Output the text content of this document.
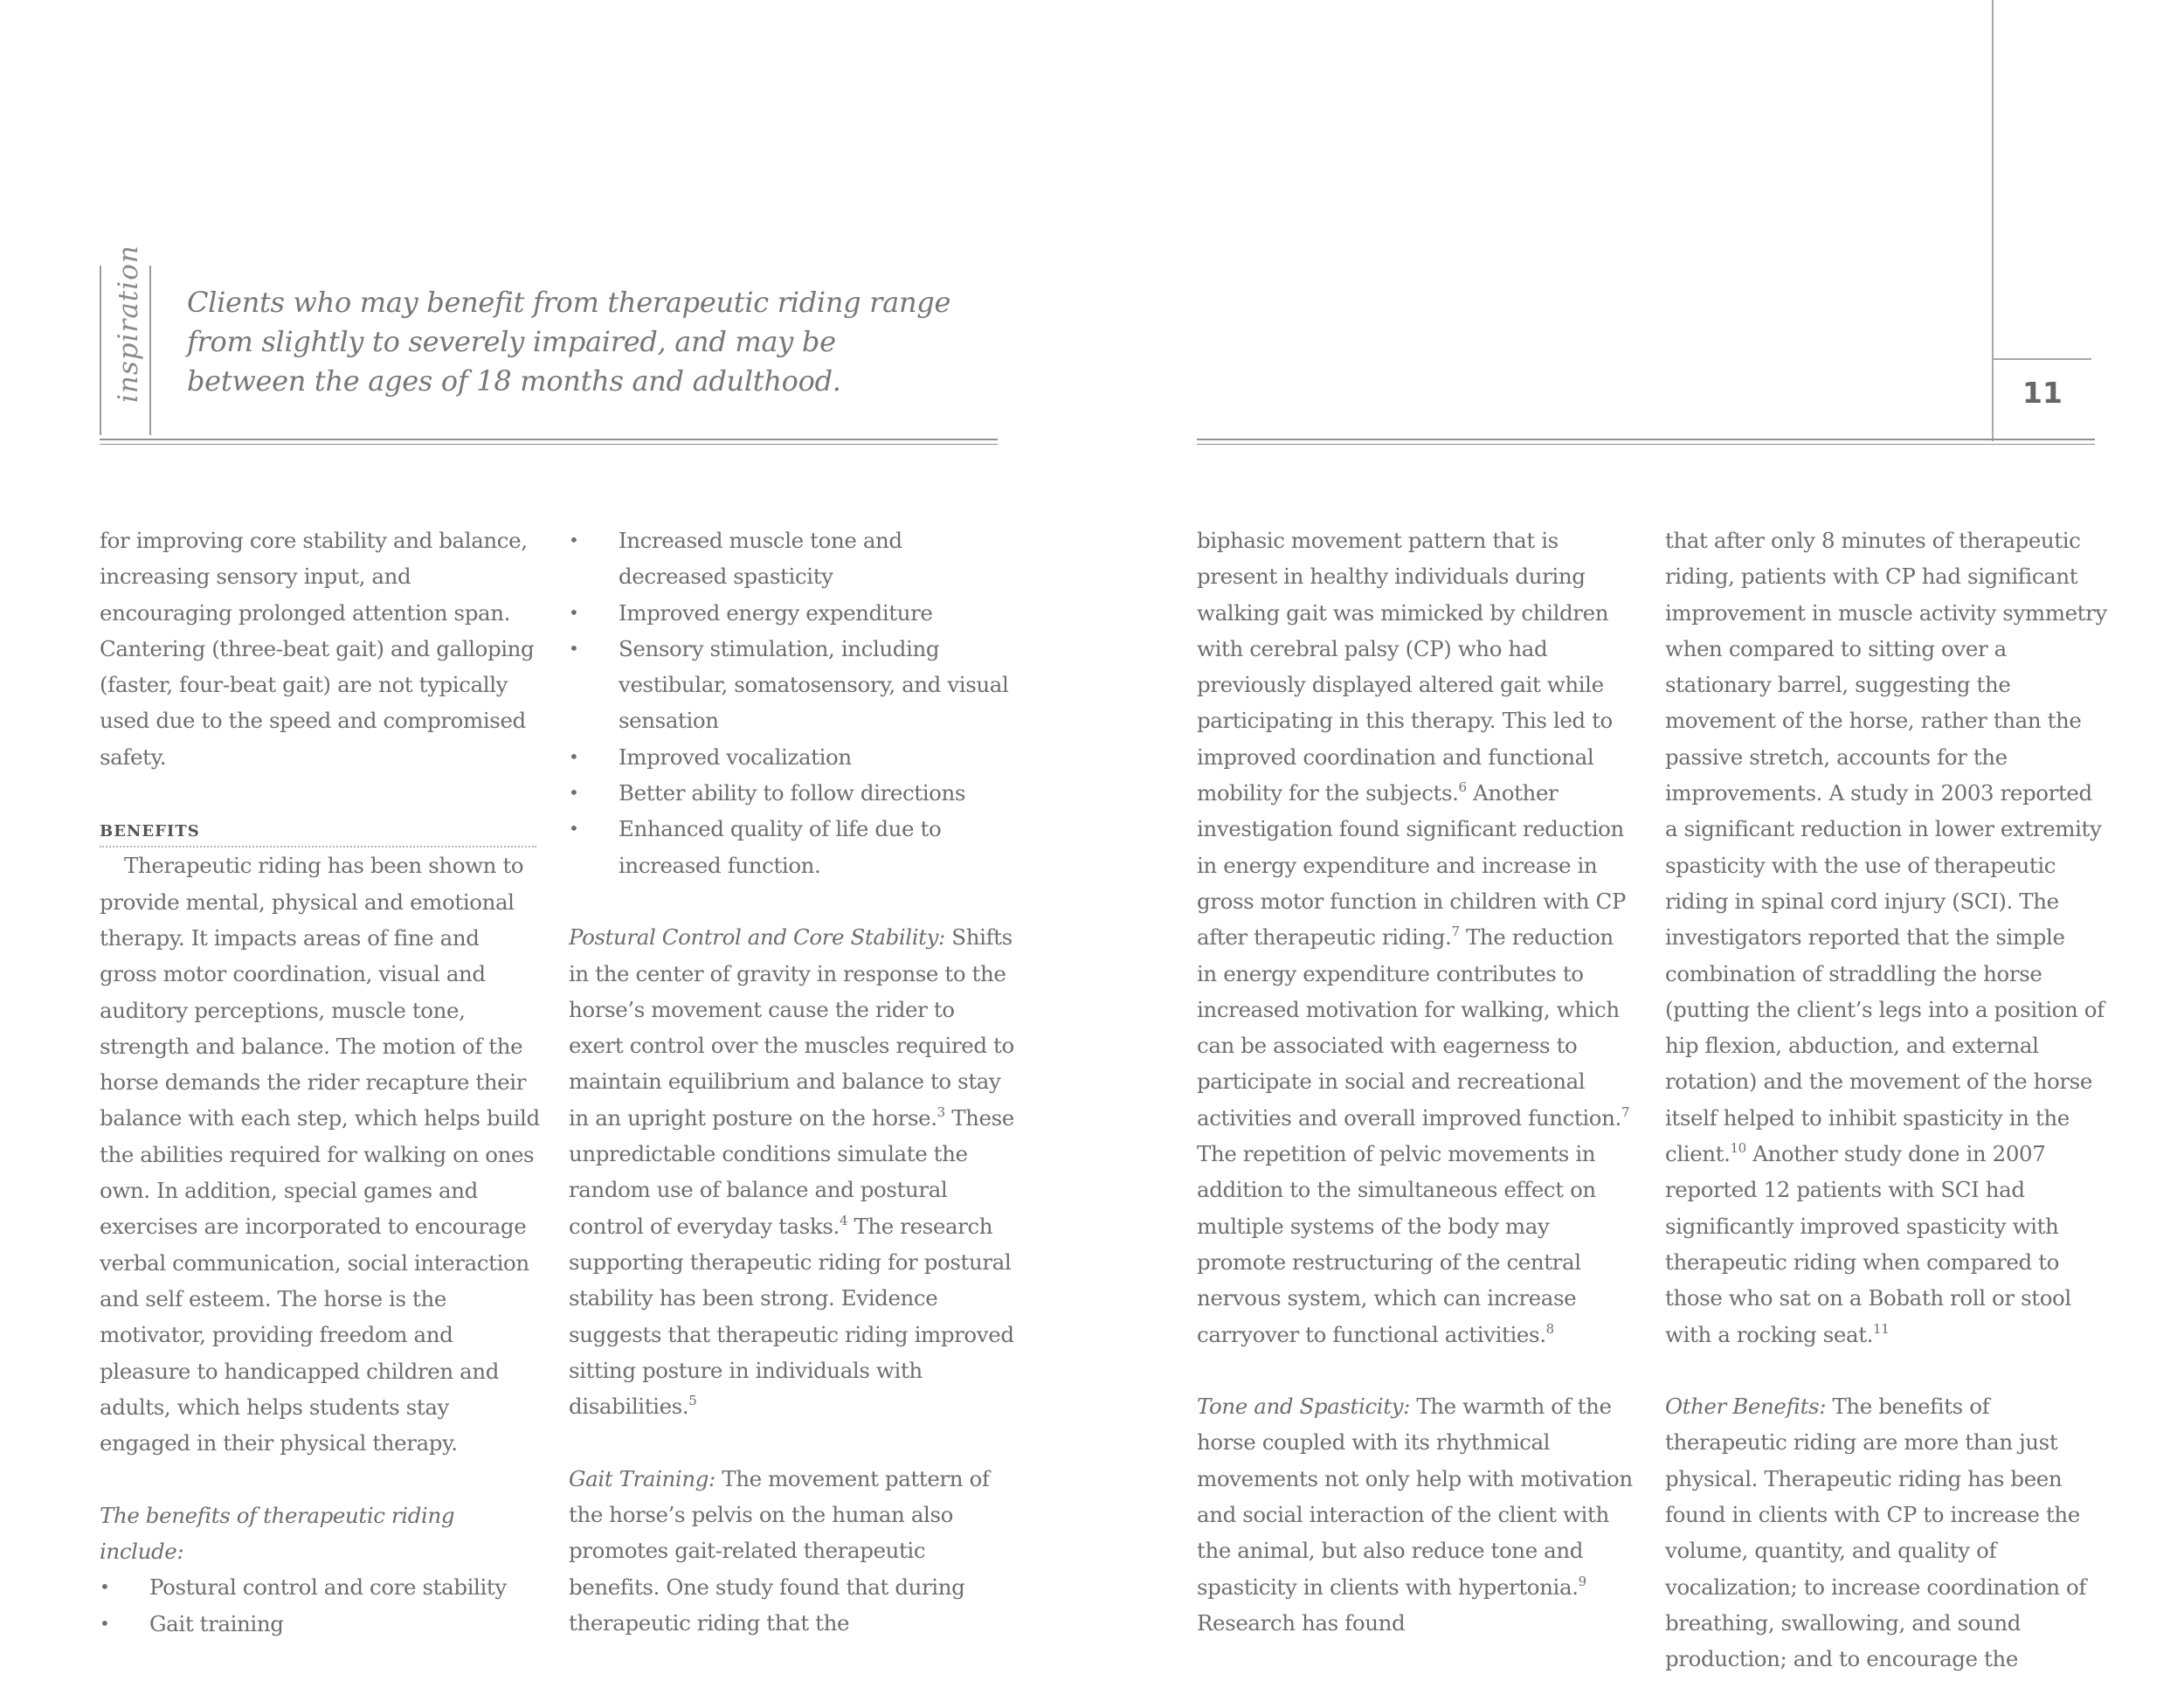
inspiration Clients who may benefit from therapeutic riding range from slightly to severely impaired, and may be between the ages of 18 months and adulthood.	11

for improving core stability and balance, increasing sensory input, and encouraging prolonged attention span. Cantering (three-beat gait) and galloping (faster, four-beat gait) are not typically used due to the speed and compromised safety.

BENEFITS

Therapeutic riding has been shown to provide mental, physical and emotional therapy. It impacts areas of fine and gross motor coordination, visual and auditory perceptions, muscle tone, strength and balance. The motion of the horse demands the rider recapture their balance with each step, which helps build the abilities required for walking on ones own. In addition, special games and exercises are incorporated to encourage verbal communication, social interaction and self esteem. The horse is the motivator, providing freedom and pleasure to handicapped children and adults, which helps students stay engaged in their physical therapy.

The benefits of therapeutic riding include:

• Postural control and core stability
• Gait training
• Increased muscle tone and decreased spasticity
• Improved energy expenditure
• Sensory stimulation, including vestibular, somatosensory, and visual sensation
• Improved vocalization
• Better ability to follow directions
• Enhanced quality of life due to increased function.

Postural Control and Core Stability: Shifts in the center of gravity in response to the horse’s movement cause the rider to exert control over the muscles required to maintain equilibrium and balance to stay in an upright posture on the horse.$^3$ These unpredictable conditions simulate the random use of balance and postural control of everyday tasks.$^4$ The research supporting therapeutic riding for postural stability has been strong. Evidence suggests that therapeutic riding improved sitting posture in individuals with disabilities.$^5$

Gait Training: The movement pattern of the horse’s pelvis on the human also promotes gait-related therapeutic benefits. One study found that during therapeutic riding that the

biphasic movement pattern that is present in healthy individuals during walking gait was mimicked by children with cerebral palsy (CP) who had previously displayed altered gait while participating in this therapy. This led to improved coordination and functional mobility for the subjects.$^6$ Another investigation found significant reduction in energy expenditure and increase in gross motor function in children with CP after therapeutic riding.$^7$ The reduction in energy expenditure contributes to increased motivation for walking, which can be associated with eagerness to participate in social and recreational activities and overall improved function.$^7$ The repetition of pelvic movements in addition to the simultaneous effect on multiple systems of the body may promote restructuring of the central nervous system, which can increase carryover to functional activities.$^8$

Tone and Spasticity: The warmth of the horse coupled with its rhythmical movements not only help with motivation and social interaction of the client with the animal, but also reduce tone and spasticity in clients with hypertonia.$^9$ Research has found

that after only 8 minutes of therapeutic riding, patients with CP had significant improvement in muscle activity symmetry when compared to sitting over a stationary barrel, suggesting the movement of the horse, rather than the passive stretch, accounts for the improvements. A study in 2003 reported a significant reduction in lower extremity spasticity with the use of therapeutic riding in spinal cord injury (SCI). The investigators reported that the simple combination of straddling the horse (putting the client’s legs into a position of hip flexion, abduction, and external rotation) and the movement of the horse itself helped to inhibit spasticity in the client.$^{10}$ Another study done in 2007 reported 12 patients with SCI had significantly improved spasticity with therapeutic riding when compared to those who sat on a Bobath roll or stool with a rocking seat.$^{11}$

Other Benefits: The benefits of therapeutic riding are more than just physical. Therapeutic riding has been found in clients with CP to increase the volume, quantity, and quality of vocalization; to increase coordination of breathing, swallowing, and sound production; and to encourage the
